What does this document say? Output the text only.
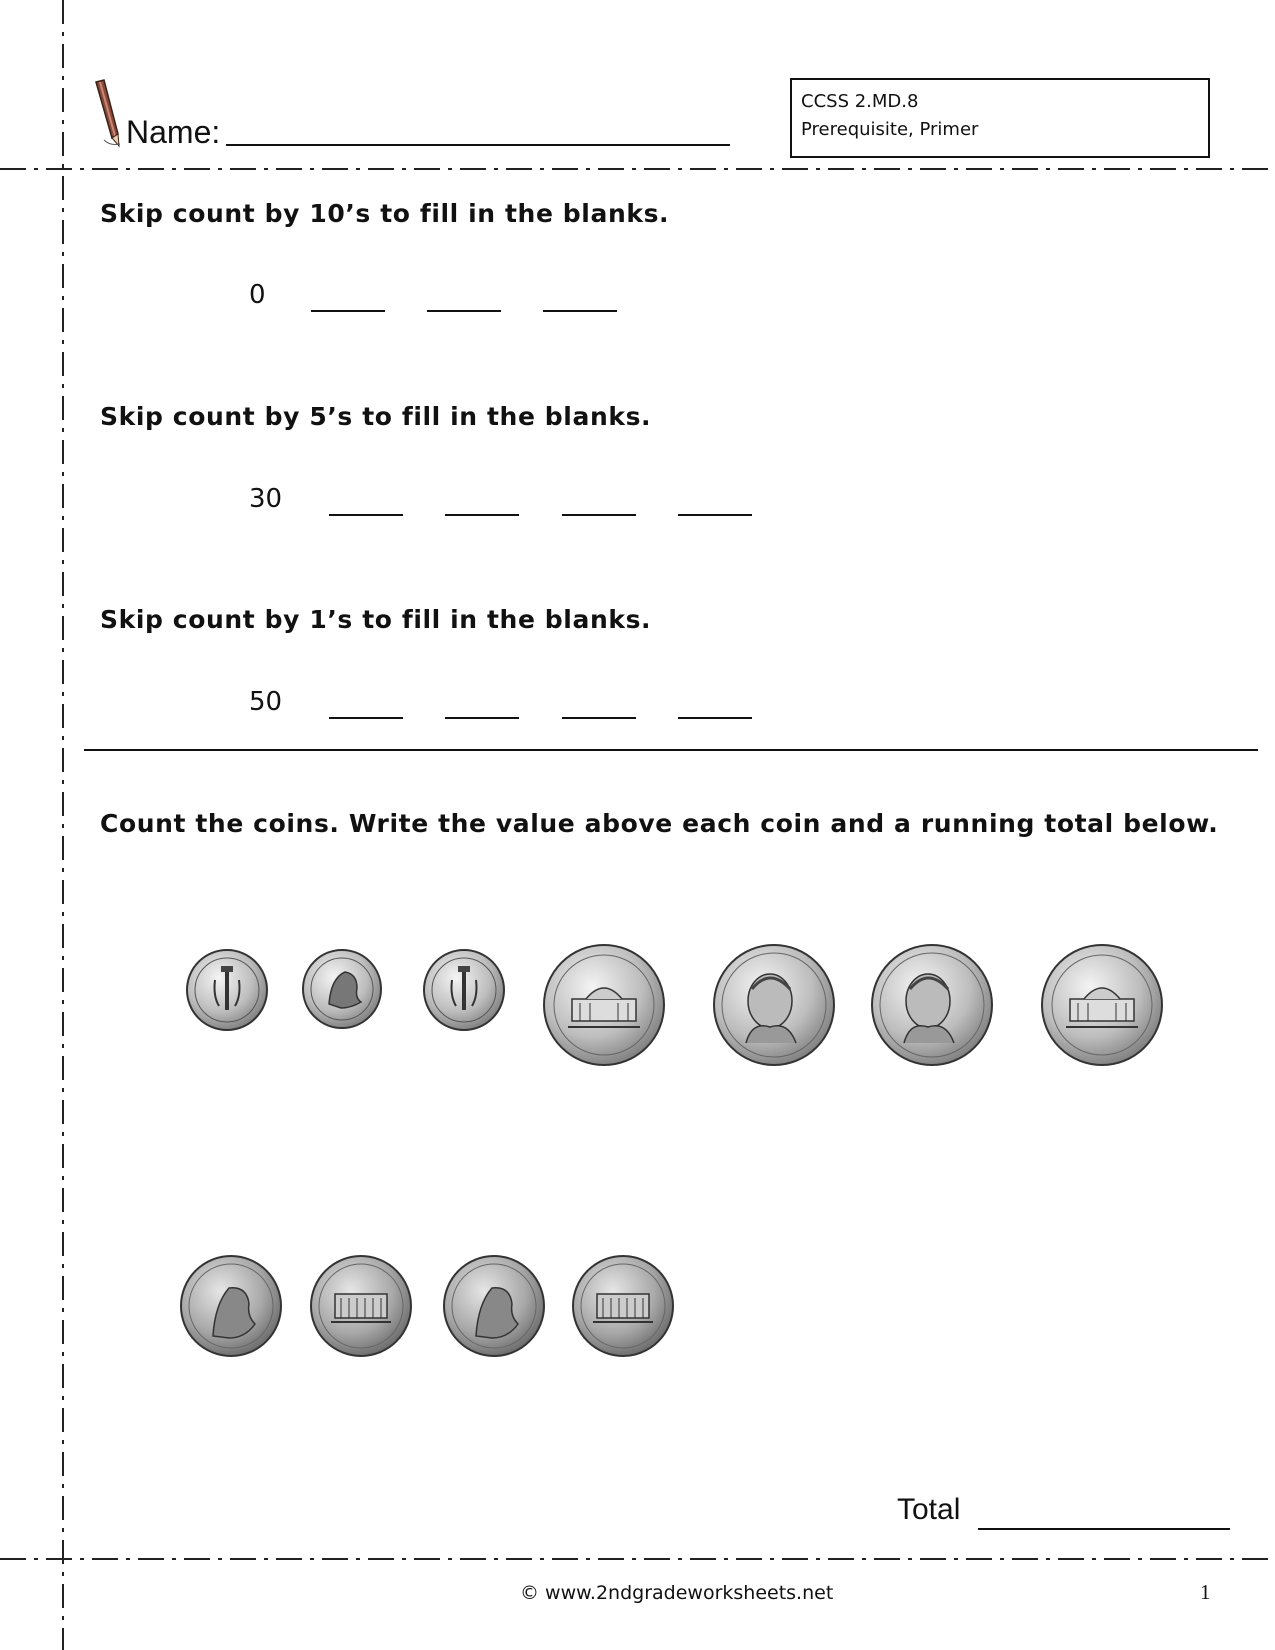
Name:
CCSS 2.MD.8
Prerequisite, Primer
Skip count by 10’s to fill in the blanks.
0
Skip count by 5’s to fill in the blanks.
30
Skip count by 1’s to fill in the blanks.
50
Count the coins. Write the value above each coin and a running total below.
Total
© www.2ndgradeworksheets.net	1
